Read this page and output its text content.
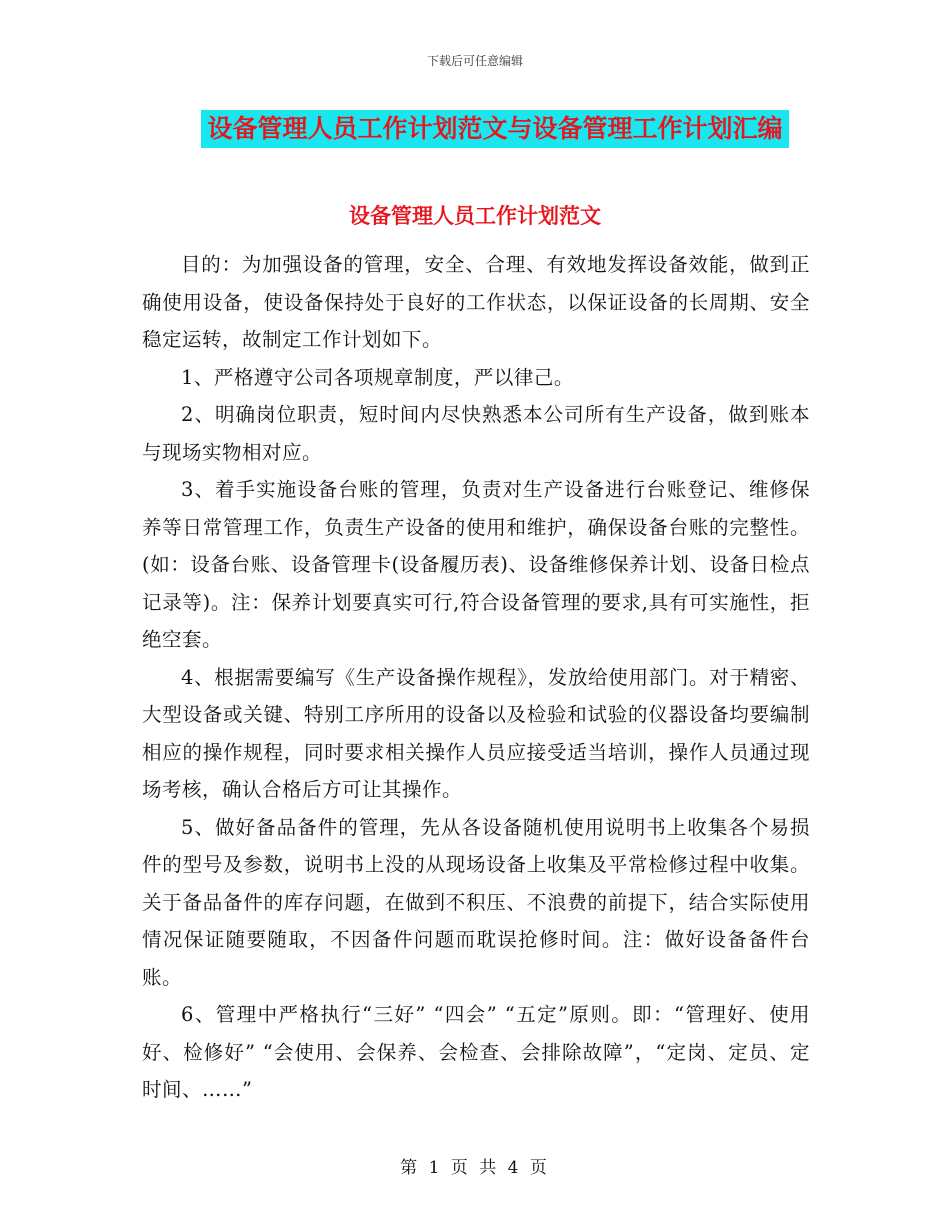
下载后可任意编辑
设备管理人员工作计划范文与设备管理工作计划汇编
设备管理人员工作计划范文

目的：为加强设备的管理，安全、合理、有效地发挥设备效能，做到正确使用设备，使设备保持处于良好的工作状态，以保证设备的长周期、安全稳定运转，故制定工作计划如下。

1、严格遵守公司各项规章制度，严以律己。

2、明确岗位职责，短时间内尽快熟悉本公司所有生产设备，做到账本与现场实物相对应。

3、着手实施设备台账的管理，负责对生产设备进行台账登记、维修保养等日常管理工作，负责生产设备的使用和维护，确保设备台账的完整性。(如：设备台账、设备管理卡(设备履历表)、设备维修保养计划、设备日检点记录等)。注：保养计划要真实可行,符合设备管理的要求,具有可实施性，拒绝空套。

4、根据需要编写《生产设备操作规程》，发放给使用部门。对于精密、大型设备或关键、特别工序所用的设备以及检验和试验的仪器设备均要编制相应的操作规程，同时要求相关操作人员应接受适当培训，操作人员通过现场考核，确认合格后方可让其操作。

5、做好备品备件的管理，先从各设备随机使用说明书上收集各个易损件的型号及参数，说明书上没的从现场设备上收集及平常检修过程中收集。关于备品备件的库存问题，在做到不积压、不浪费的前提下，结合实际使用情况保证随要随取，不因备件问题而耽误抢修时间。注：做好设备备件台账。

6、管理中严格执行“三好” “四会” “五定”原则。即：“管理好、使用好、检修好” “会使用、会保养、会检查、会排除故障”，“定岗、定员、定时间、……”

第 1 页 共 4 页
